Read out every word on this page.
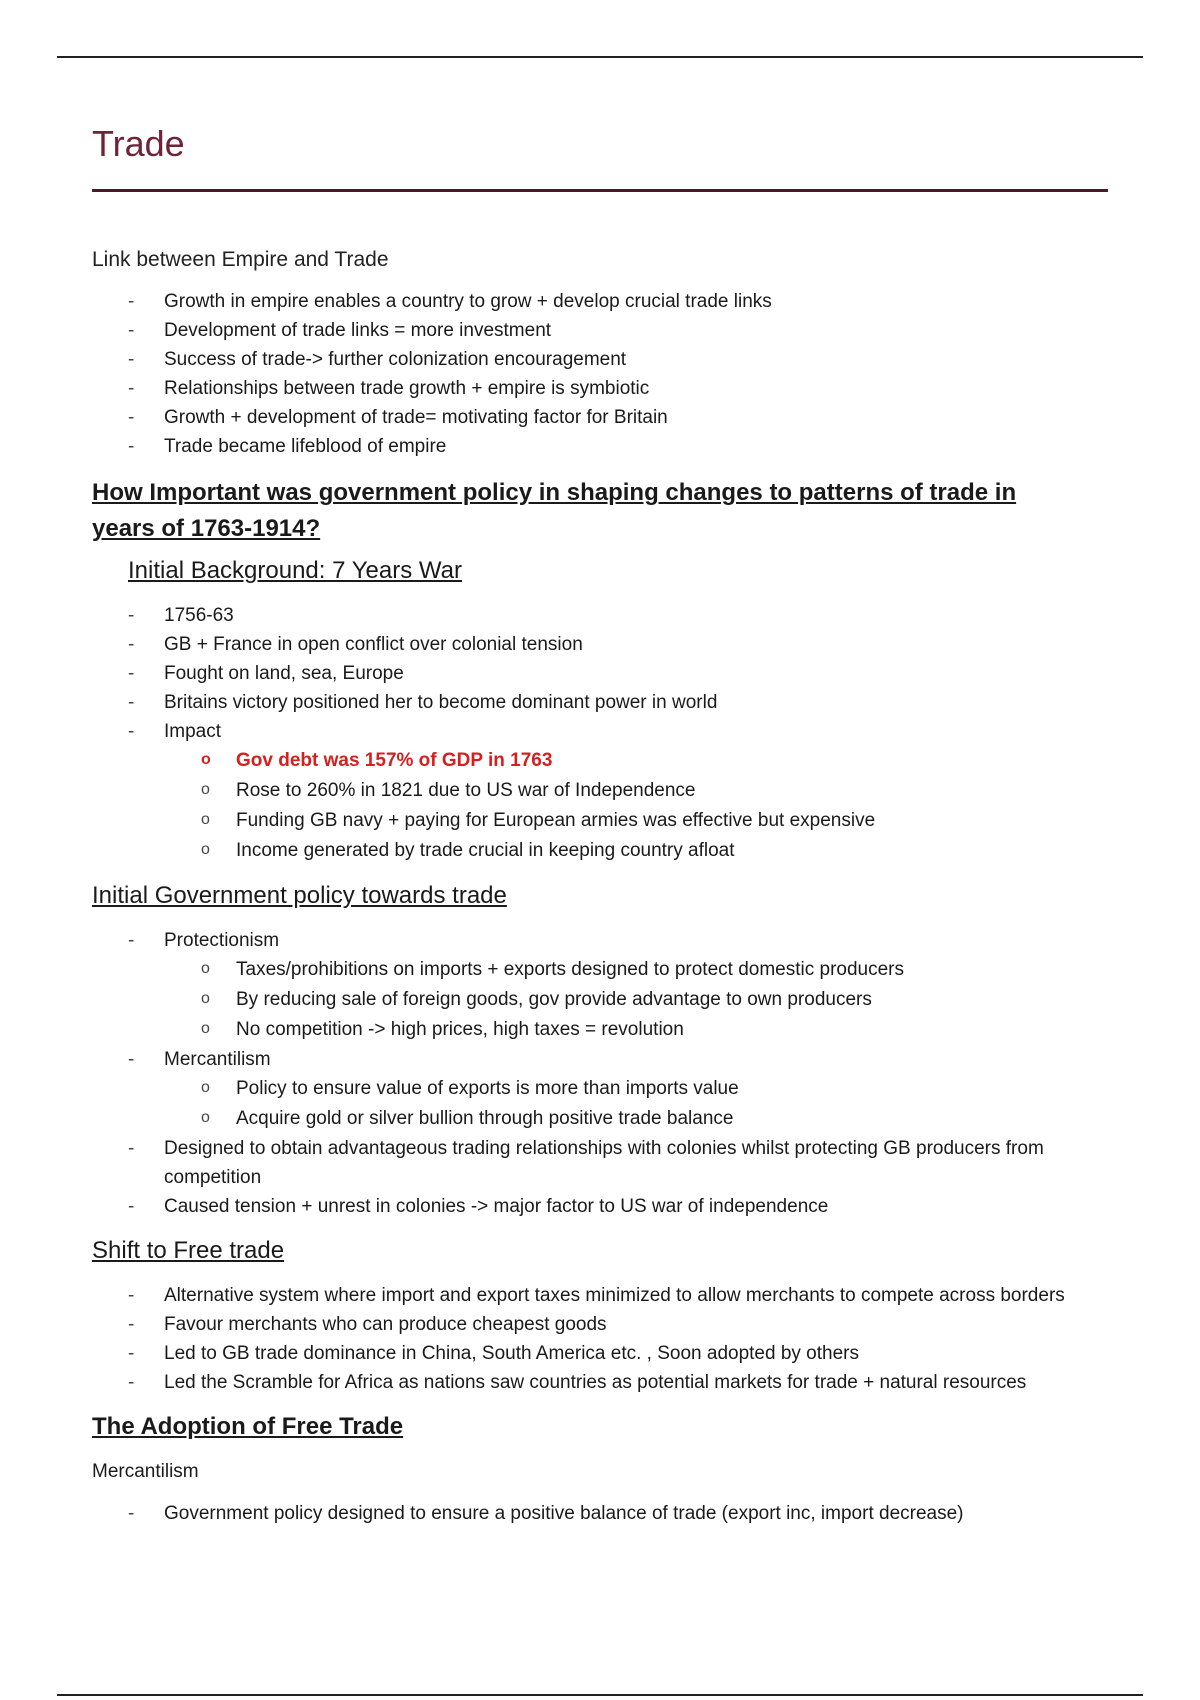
Trade
Link between Empire and Trade
- Growth in empire enables a country to grow + develop crucial trade links
- Development of trade links = more investment
- Success of trade-> further colonization encouragement
- Relationships between trade growth + empire is symbiotic
- Growth + development of trade= motivating factor for Britain
- Trade became lifeblood of empire
How Important was government policy in shaping changes to patterns of trade in years of 1763-1914?
Initial Background: 7 Years War
- 1756-63
- GB + France in open conflict over colonial tension
- Fought on land, sea, Europe
- Britains victory positioned her to become dominant power in world
- Impact
o Gov debt was 157% of GDP in 1763
o Rose to 260% in 1821 due to US war of Independence
o Funding GB navy + paying for European armies was effective but expensive
o Income generated by trade crucial in keeping country afloat
Initial Government policy towards trade
- Protectionism
o Taxes/prohibitions on imports + exports designed to protect domestic producers
o By reducing sale of foreign goods, gov provide advantage to own producers
o No competition -> high prices, high taxes = revolution
- Mercantilism
o Policy to ensure value of exports is more than imports value
o Acquire gold or silver bullion through positive trade balance
- Designed to obtain advantageous trading relationships with colonies whilst protecting GB producers from competition
- Caused tension + unrest in colonies -> major factor to US war of independence
Shift to Free trade
- Alternative system where import and export taxes minimized to allow merchants to compete across borders
- Favour merchants who can produce cheapest goods
- Led to GB trade dominance in China, South America etc. , Soon adopted by others
- Led the Scramble for Africa as nations saw countries as potential markets for trade + natural resources
The Adoption of Free Trade
Mercantilism
- Government policy designed to ensure a positive balance of trade (export inc, import decrease)
